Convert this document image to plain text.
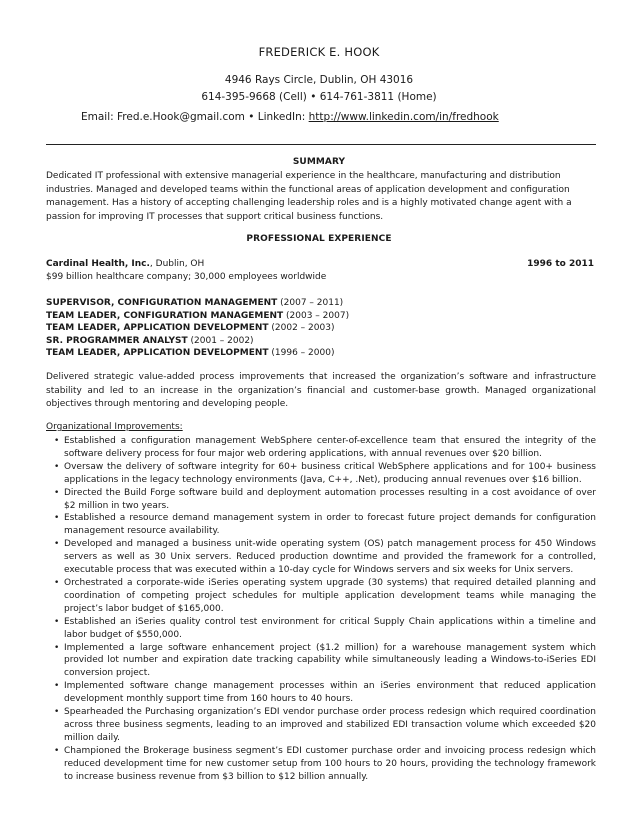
FREDERICK E. HOOK
4946 Rays Circle, Dublin, OH 43016
614-395-9668 (Cell) • 614-761-3811 (Home)
Email: Fred.e.Hook@gmail.com • LinkedIn: http://www.linkedin.com/in/fredhook
SUMMARY
Dedicated IT professional with extensive managerial experience in the healthcare, manufacturing and distribution industries. Managed and developed teams within the functional areas of application development and configuration management. Has a history of accepting challenging leadership roles and is a highly motivated change agent with a passion for improving IT processes that support critical business functions.
PROFESSIONAL EXPERIENCE
Cardinal Health, Inc., Dublin, OH	1996 to 2011
$99 billion healthcare company; 30,000 employees worldwide
SUPERVISOR, CONFIGURATION MANAGEMENT (2007 – 2011)
TEAM LEADER, CONFIGURATION MANAGEMENT (2003 – 2007)
TEAM LEADER, APPLICATION DEVELOPMENT (2002 – 2003)
SR. PROGRAMMER ANALYST (2001 – 2002)
TEAM LEADER, APPLICATION DEVELOPMENT (1996 – 2000)
Delivered strategic value-added process improvements that increased the organization’s software and infrastructure stability and led to an increase in the organization’s financial and customer-base growth. Managed organizational objectives through mentoring and developing people.
Organizational Improvements:
• Established a configuration management WebSphere center-of-excellence team that ensured the integrity of the software delivery process for four major web ordering applications, with annual revenues over $20 billion.
• Oversaw the delivery of software integrity for 60+ business critical WebSphere applications and for 100+ business applications in the legacy technology environments (Java, C++, .Net), producing annual revenues over $16 billion.
• Directed the Build Forge software build and deployment automation processes resulting in a cost avoidance of over $2 million in two years.
• Established a resource demand management system in order to forecast future project demands for configuration management resource availability.
• Developed and managed a business unit-wide operating system (OS) patch management process for 450 Windows servers as well as 30 Unix servers. Reduced production downtime and provided the framework for a controlled, executable process that was executed within a 10-day cycle for Windows servers and six weeks for Unix servers.
• Orchestrated a corporate-wide iSeries operating system upgrade (30 systems) that required detailed planning and coordination of competing project schedules for multiple application development teams while managing the project’s labor budget of $165,000.
• Established an iSeries quality control test environment for critical Supply Chain applications within a timeline and labor budget of $550,000.
• Implemented a large software enhancement project ($1.2 million) for a warehouse management system which provided lot number and expiration date tracking capability while simultaneously leading a Windows-to-iSeries EDI conversion project.
• Implemented software change management processes within an iSeries environment that reduced application development monthly support time from 160 hours to 40 hours.
• Spearheaded the Purchasing organization’s EDI vendor purchase order process redesign which required coordination across three business segments, leading to an improved and stabilized EDI transaction volume which exceeded $20 million daily.
• Championed the Brokerage business segment’s EDI customer purchase order and invoicing process redesign which reduced development time for new customer setup from 100 hours to 20 hours, providing the technology framework to increase business revenue from $3 billion to $12 billion annually.
